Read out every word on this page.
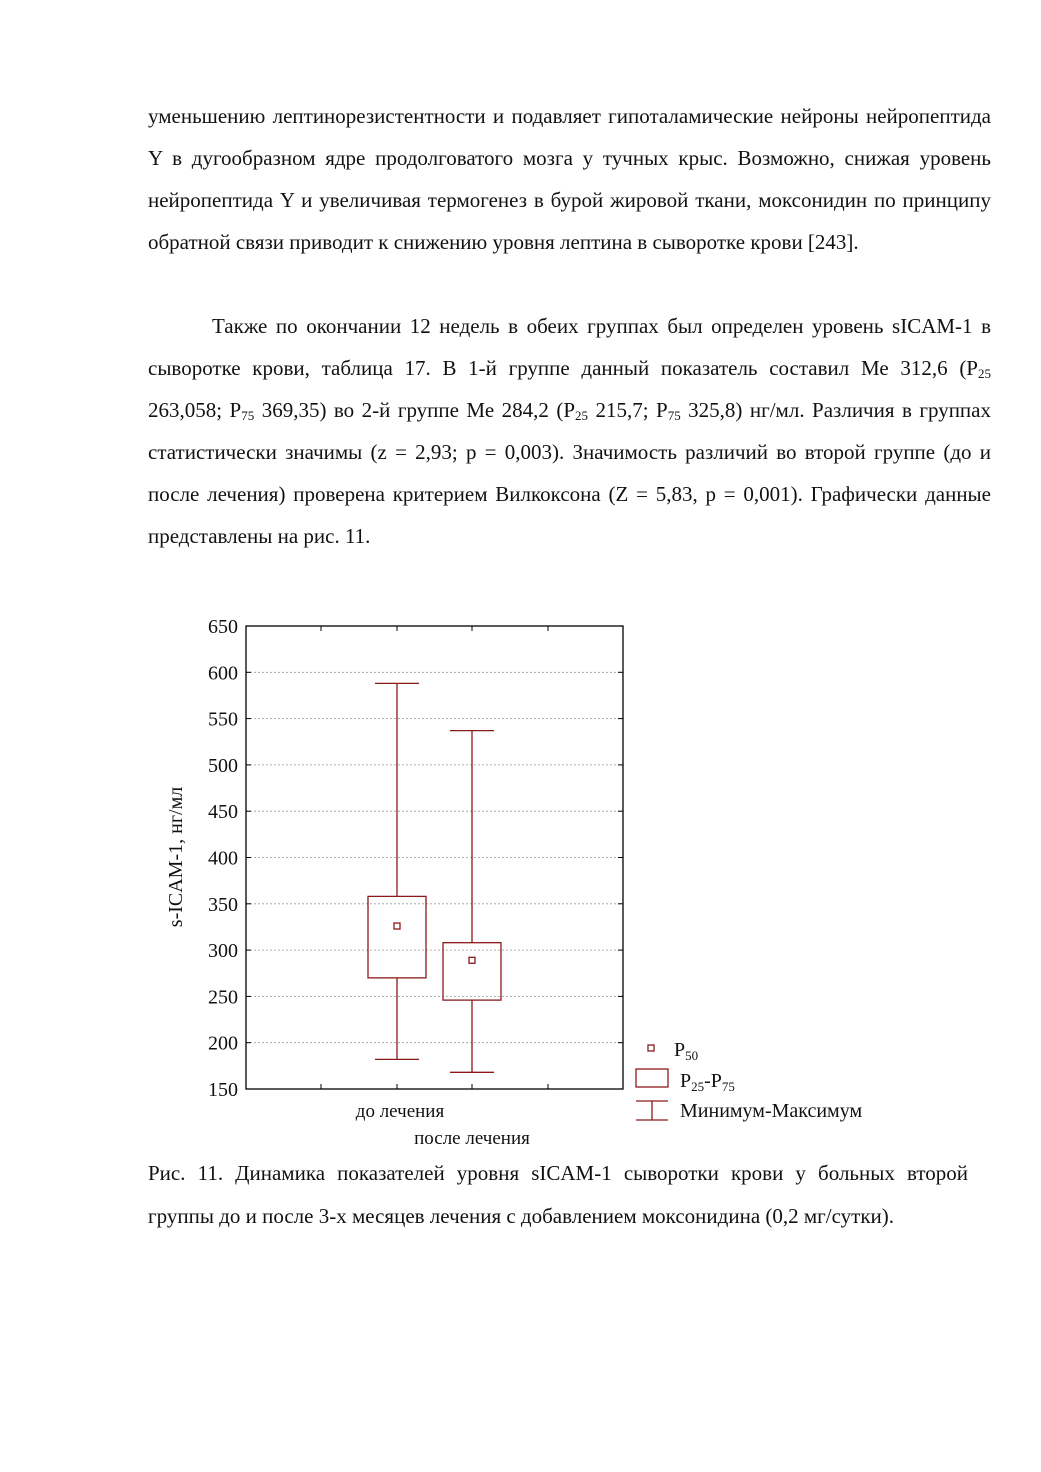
уменьшению лептинорезистентности и подавляет гипоталамические нейроны нейропептида Y в дугообразном ядре продолговатого мозга у тучных крыс. Возможно, снижая уровень нейропептида Y и увеличивая термогенез в бурой жировой ткани, моксонидин по принципу обратной связи приводит к снижению уровня лептина в сыворотке крови [243].

Также по окончании 12 недель в обеих группах был определен уровень sICAM-1 в сыворотке крови, таблица 17. В 1-й группе данный показатель составил Ме 312,6 ($P_{25}$ 263,058; $P_{75}$ 369,35) во 2-й группе Ме 284,2 ($P_{25}$ 215,7; $P_{75}$ 325,8) нг/мл. Различия в группах статистически значимы (z = 2,93; p = 0,003). Значимость различий во второй группе (до и после лечения) проверена критерием Вилкоксона (Z = 5,83, p = 0,001). Графически данные представлены на рис. 11.

150
200
250
300
350
400
450
500
550
600
650
s-ICAM-1, нг/мл
до лечения
после лечения
$P_{50}$
$P_{25}-P_{75}$
Минимум-Максимум

Рис. 11. Динамика показателей уровня sICAM-1 сыворотки крови у больных второй группы до и после 3-х месяцев лечения с добавлением моксонидина (0,2 мг/сутки).
